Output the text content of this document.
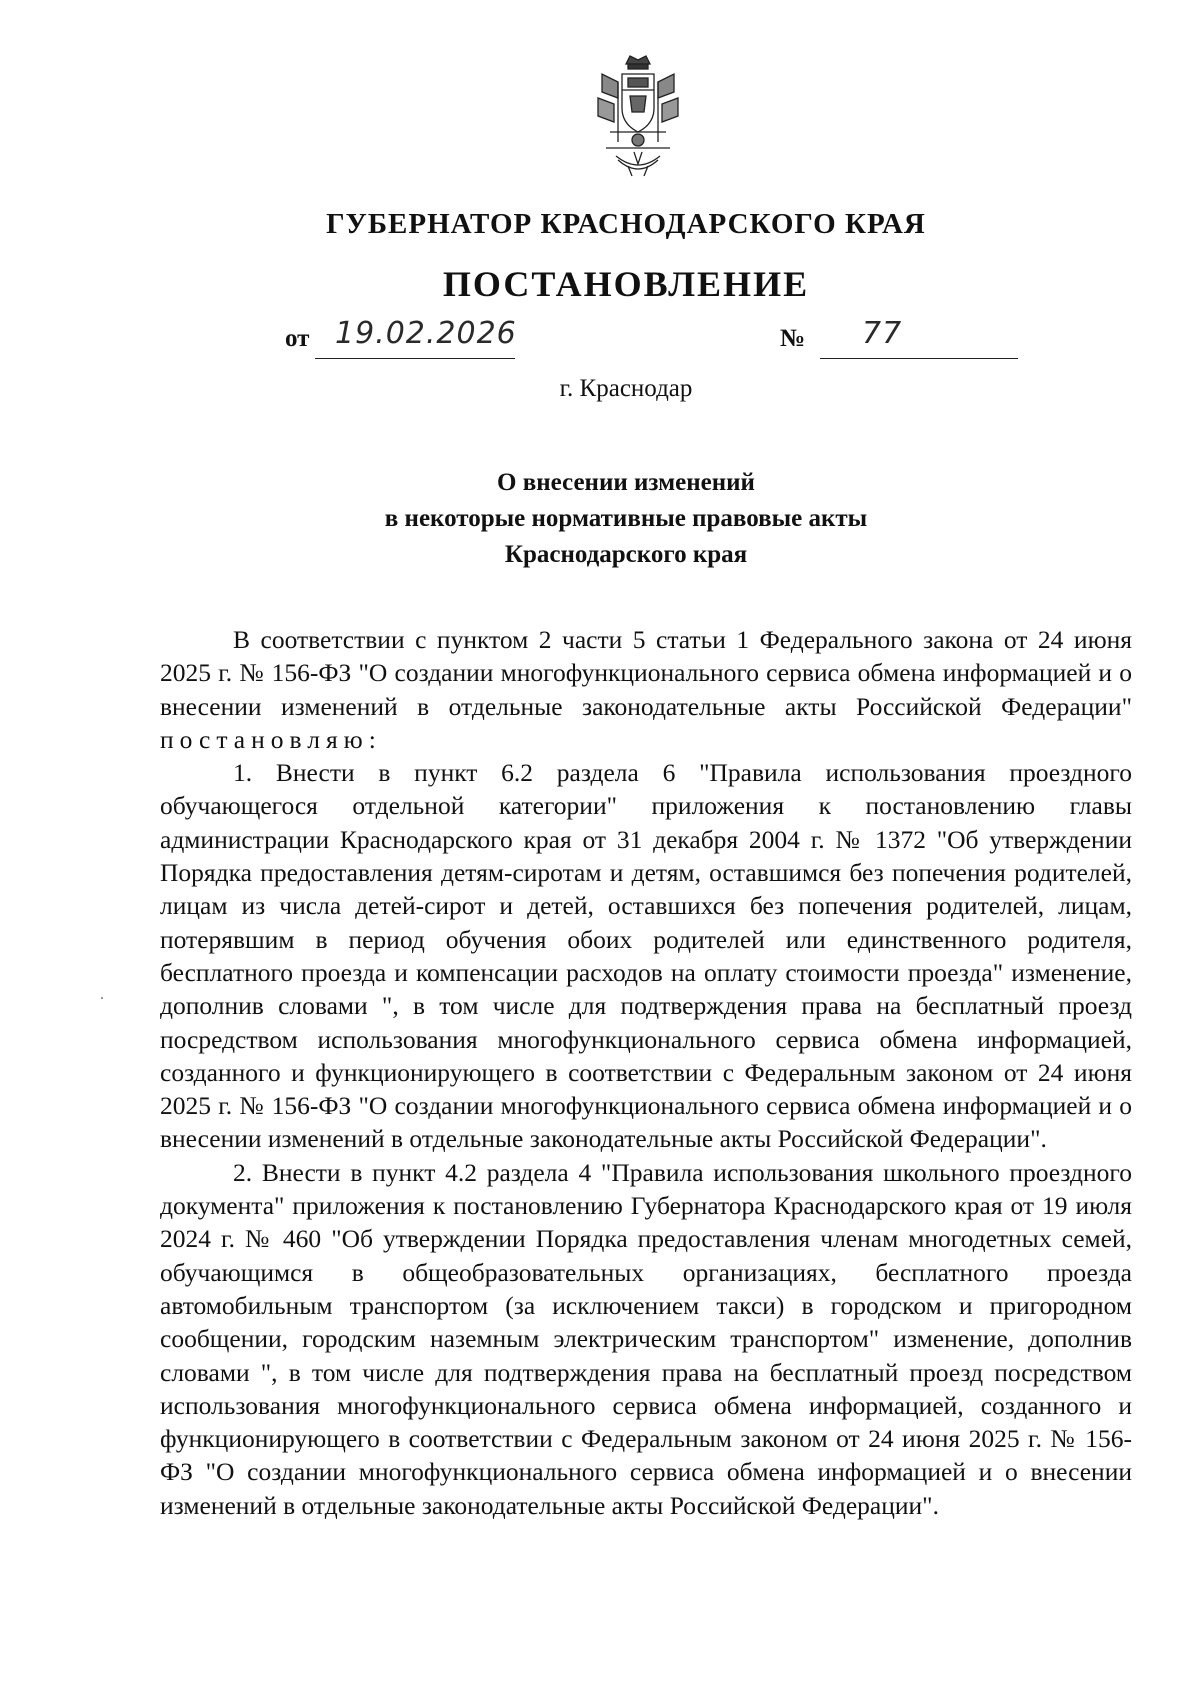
ГУБЕРНАТОР КРАСНОДАРСКОГО КРАЯ
ПОСТАНОВЛЕНИЕ
от 19.02.2026	№ 77
г. Краснодар
О внесении изменений
в некоторые нормативные правовые акты
Краснодарского края

В соответствии с пунктом 2 части 5 статьи 1 Федерального закона от 24 июня 2025 г. № 156-ФЗ "О создании многофункционального сервиса обмена информацией и о внесении изменений в отдельные законодательные акты Российской Федерации" постановляю:

1. Внести в пункт 6.2 раздела 6 "Правила использования проездного обучающегося отдельной категории" приложения к постановлению главы администрации Краснодарского края от 31 декабря 2004 г. № 1372 "Об утверждении Порядка предоставления детям-сиротам и детям, оставшимся без попечения родителей, лицам из числа детей-сирот и детей, оставшихся без попечения родителей, лицам, потерявшим в период обучения обоих родителей или единственного родителя, бесплатного проезда и компенсации расходов на оплату стоимости проезда" изменение, дополнив словами ", в том числе для подтверждения права на бесплатный проезд посредством использования многофункционального сервиса обмена информацией, созданного и функционирующего в соответствии с Федеральным законом от 24 июня 2025 г. № 156-ФЗ "О создании многофункционального сервиса обмена информацией и о внесении изменений в отдельные законодательные акты Российской Федерации".

2. Внести в пункт 4.2 раздела 4 "Правила использования школьного проездного документа" приложения к постановлению Губернатора Краснодарского края от 19 июля 2024 г. № 460 "Об утверждении Порядка предоставления членам многодетных семей, обучающимся в общеобразовательных организациях, бесплатного проезда автомобильным транспортом (за исключением такси) в городском и пригородном сообщении, городским наземным электрическим транспортом" изменение, дополнив словами ", в том числе для подтверждения права на бесплатный проезд посредством использования многофункционального сервиса обмена информацией, созданного и функционирующего в соответствии с Федеральным законом от 24 июня 2025 г. № 156-ФЗ "О создании многофункционального сервиса обмена информацией и о внесении изменений в отдельные законодательные акты Российской Федерации".
